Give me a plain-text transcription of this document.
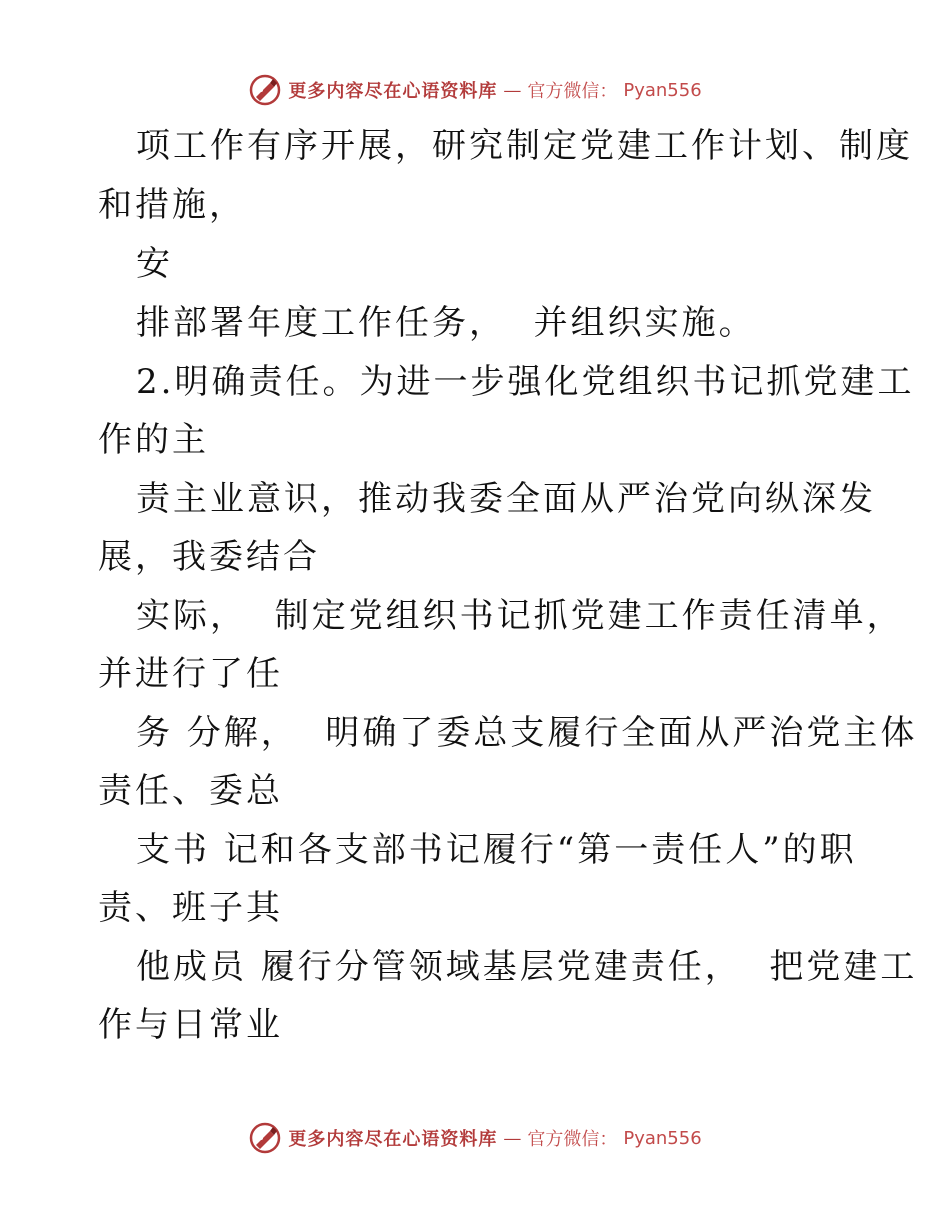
更多内容尽在心语资料库 — 官方微信： Pyan556
项工作有序开展，研究制定党建工作计划、制度
和措施，
安
排部署年度工作任务，  并组织实施。
2.明确责任。为进一步强化党组织书记抓党建工
作的主
责主业意识，推动我委全面从严治党向纵深发
展，我委结合
实际，  制定党组织书记抓党建工作责任清单，
并进行了任
务 分解，  明确了委总支履行全面从严治党主体
责任、委总
支书 记和各支部书记履行“第一责任人”的职
责、班子其
他成员 履行分管领域基层党建责任，  把党建工
作与日常业
更多内容尽在心语资料库 — 官方微信： Pyan556
